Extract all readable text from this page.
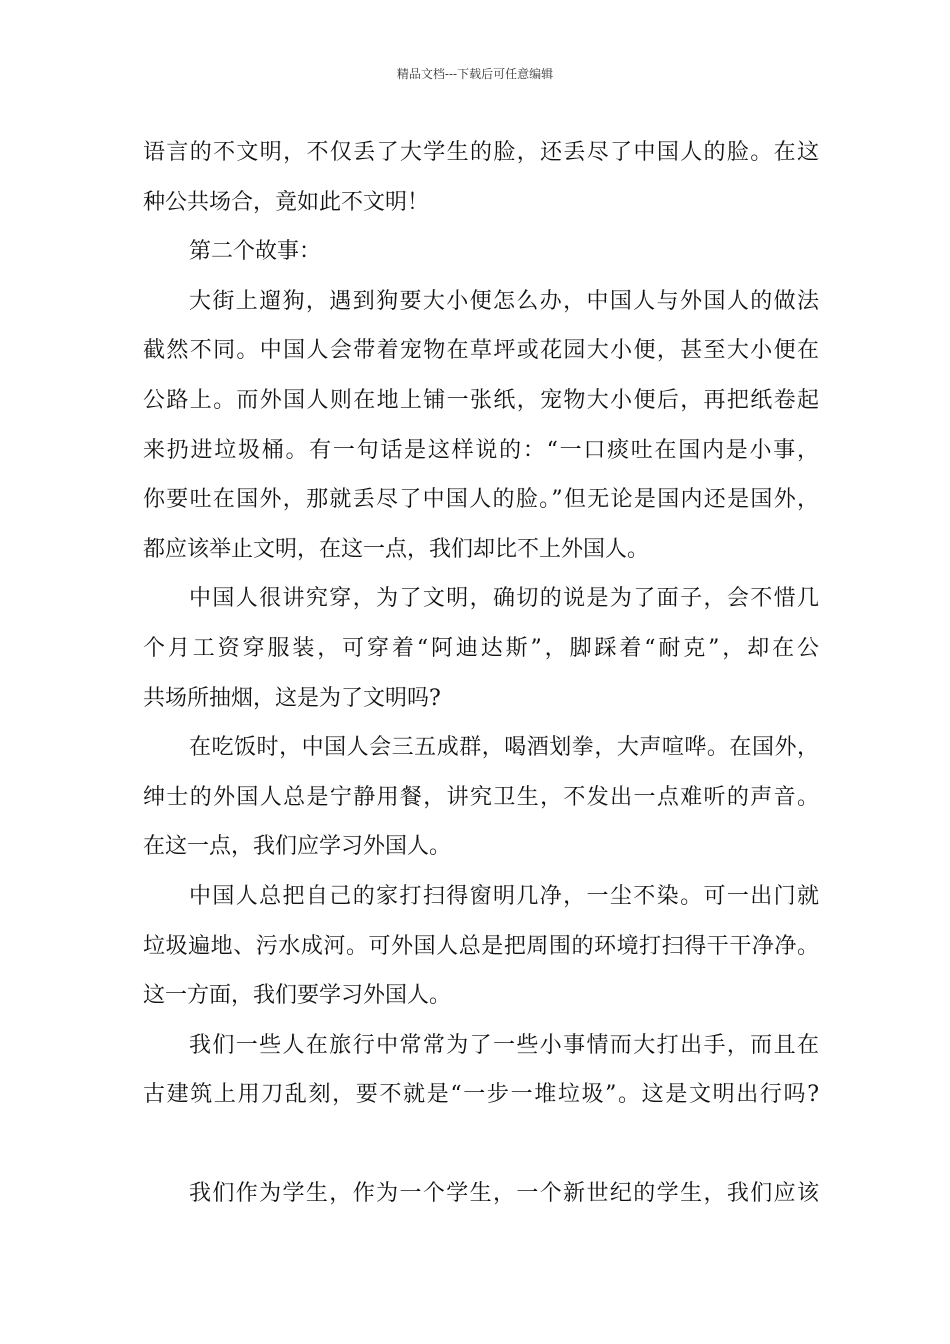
精品文档---下载后可任意编辑
语言的不文明，不仅丢了大学生的脸，还丢尽了中国人的脸。在这
种公共场合，竟如此不文明！
第二个故事：
大街上遛狗，遇到狗要大小便怎么办，中国人与外国人的做法
截然不同。中国人会带着宠物在草坪或花园大小便，甚至大小便在
公路上。而外国人则在地上铺一张纸，宠物大小便后，再把纸卷起
来扔进垃圾桶。有一句话是这样说的：“一口痰吐在国内是小事，
你要吐在国外，那就丢尽了中国人的脸。”但无论是国内还是国外，
都应该举止文明，在这一点，我们却比不上外国人。
中国人很讲究穿，为了文明，确切的说是为了面子，会不惜几
个月工资穿服装，可穿着“阿迪达斯”，脚踩着“耐克”，却在公
共场所抽烟，这是为了文明吗?
在吃饭时，中国人会三五成群，喝酒划拳，大声喧哗。在国外，
绅士的外国人总是宁静用餐，讲究卫生，不发出一点难听的声音。
在这一点，我们应学习外国人。
中国人总把自己的家打扫得窗明几净，一尘不染。可一出门就
垃圾遍地、污水成河。可外国人总是把周围的环境打扫得干干净净。
这一方面，我们要学习外国人。
我们一些人在旅行中常常为了一些小事情而大打出手，而且在
古建筑上用刀乱刻，要不就是“一步一堆垃圾”。这是文明出行吗?
我们作为学生，作为一个学生，一个新世纪的学生，我们应该
